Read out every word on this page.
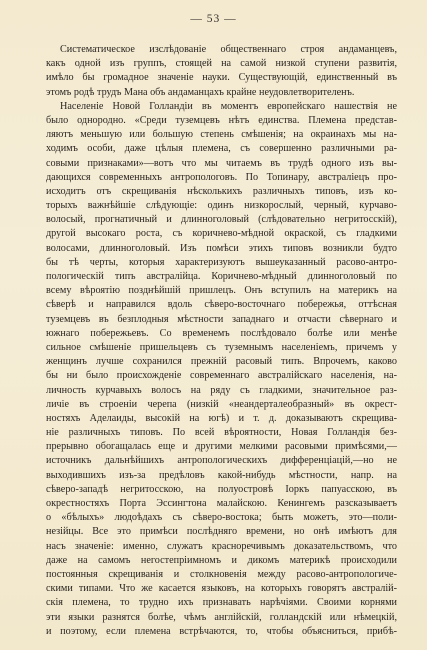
— 53 —
Систематическое изслѣдованіе общественнаго строя андаманцевъ,
какъ одной изъ группъ, стоящей на самой низкой ступени развитія,
имѣло бы громадное значеніе науки. Существующій, единственный въ
этомъ родѣ трудъ Мана объ андаманцахъ крайне неудовлетворителенъ.
Населеніе Новой Голландіи въ моментъ европейскаго нашествія не
было однородно. «Среди туземцевъ нѣтъ единства. Племена представ-
ляютъ меньшую или большую степень смѣшенія; на окраинахъ мы на-
ходимъ особи, даже цѣлыя племена, съ совершенно различными ра-
совыми признаками»—вотъ что мы читаемъ въ трудѣ одного изъ вы-
дающихся современныхъ антропологовъ. По Топинару, австраліецъ про-
исходитъ отъ скрещиванія нѣсколькихъ различныхъ типовъ, изъ ко-
торыхъ важнѣйшіе слѣдующіе: одинъ низкорослый, черный, курчаво-
волосый, прогнатичный и длинноголовый (слѣдовательно негритосскій),
другой высокаго роста, съ коричнево-мѣдной окраской, съ гладкими
волосами, длинноголовый. Изъ помѣси этихъ типовъ возникли будто
бы тѣ черты, которыя характеризуютъ вышеуказанный расово-антро-
пологическій типъ австралійца. Коричнево-мѣдный длинноголовый по
всему вѣроятію позднѣйшій пришлецъ. Онъ вступилъ на материкъ на
сѣверѣ и направился вдоль сѣверо-восточнаго побережья, оттѣсная
туземцевъ въ безплодныя мѣстности западнаго и отчасти сѣвернаго и
южнаго побережьевъ. Со временемъ послѣдовало болѣе или менѣе
сильное смѣшеніе пришельцевъ съ туземнымъ населеніемъ, причемъ у
женщинъ лучше сохранился прежній расовый типъ. Впрочемъ, каково
бы ни было происхожденіе современнаго австралійскаго населенія, на-
личность курчавыхъ волосъ на ряду съ гладкими, значительное раз-
личіе въ строеніи черепа (низкій «неандерталеобразный» въ окрест-
ностяхъ Аделаиды, высокій на югѣ) и т. д. доказываютъ скрещива-
ніе различныхъ типовъ. По всей вѣроятности, Новая Голландія без-
прерывно обогащалась еще и другими мелкими расовыми примѣсями,—
источникъ дальнѣйшихъ антропологическихъ дифференціацій,—но не
выходившихъ изъ-за предѣловъ какой-нибудь мѣстности, напр. на
сѣверо-западѣ негритосскою, на полуостровѣ Іоркъ папуасскою, въ
окрестностяхъ Порта Эссингтона малайскою. Кенингемъ разсказываетъ
о «бѣлыхъ» людоѣдахъ съ сѣверо-востока; быть можетъ, это—поли-
незійцы. Все это примѣси послѣдняго времени, но онѣ имѣютъ для
насъ значеніе: именно, служатъ красноречивымъ доказательствомъ, что
даже на самомъ негостепріимномъ и дикомъ материкѣ происходили
постоянныя скрещиванія и столкновенія между расово-антропологиче-
скими типами. Что же касается языковъ, на которыхъ говорятъ австралій-
скія племена, то трудно ихъ признавать нарѣчіями. Своими корнями
эти языки разнятся болѣе, чѣмъ англійскій, голландскій или нѣмецкій,
и поэтому, если племена встрѣчаются, то, чтобы объясниться, прибѣ-
